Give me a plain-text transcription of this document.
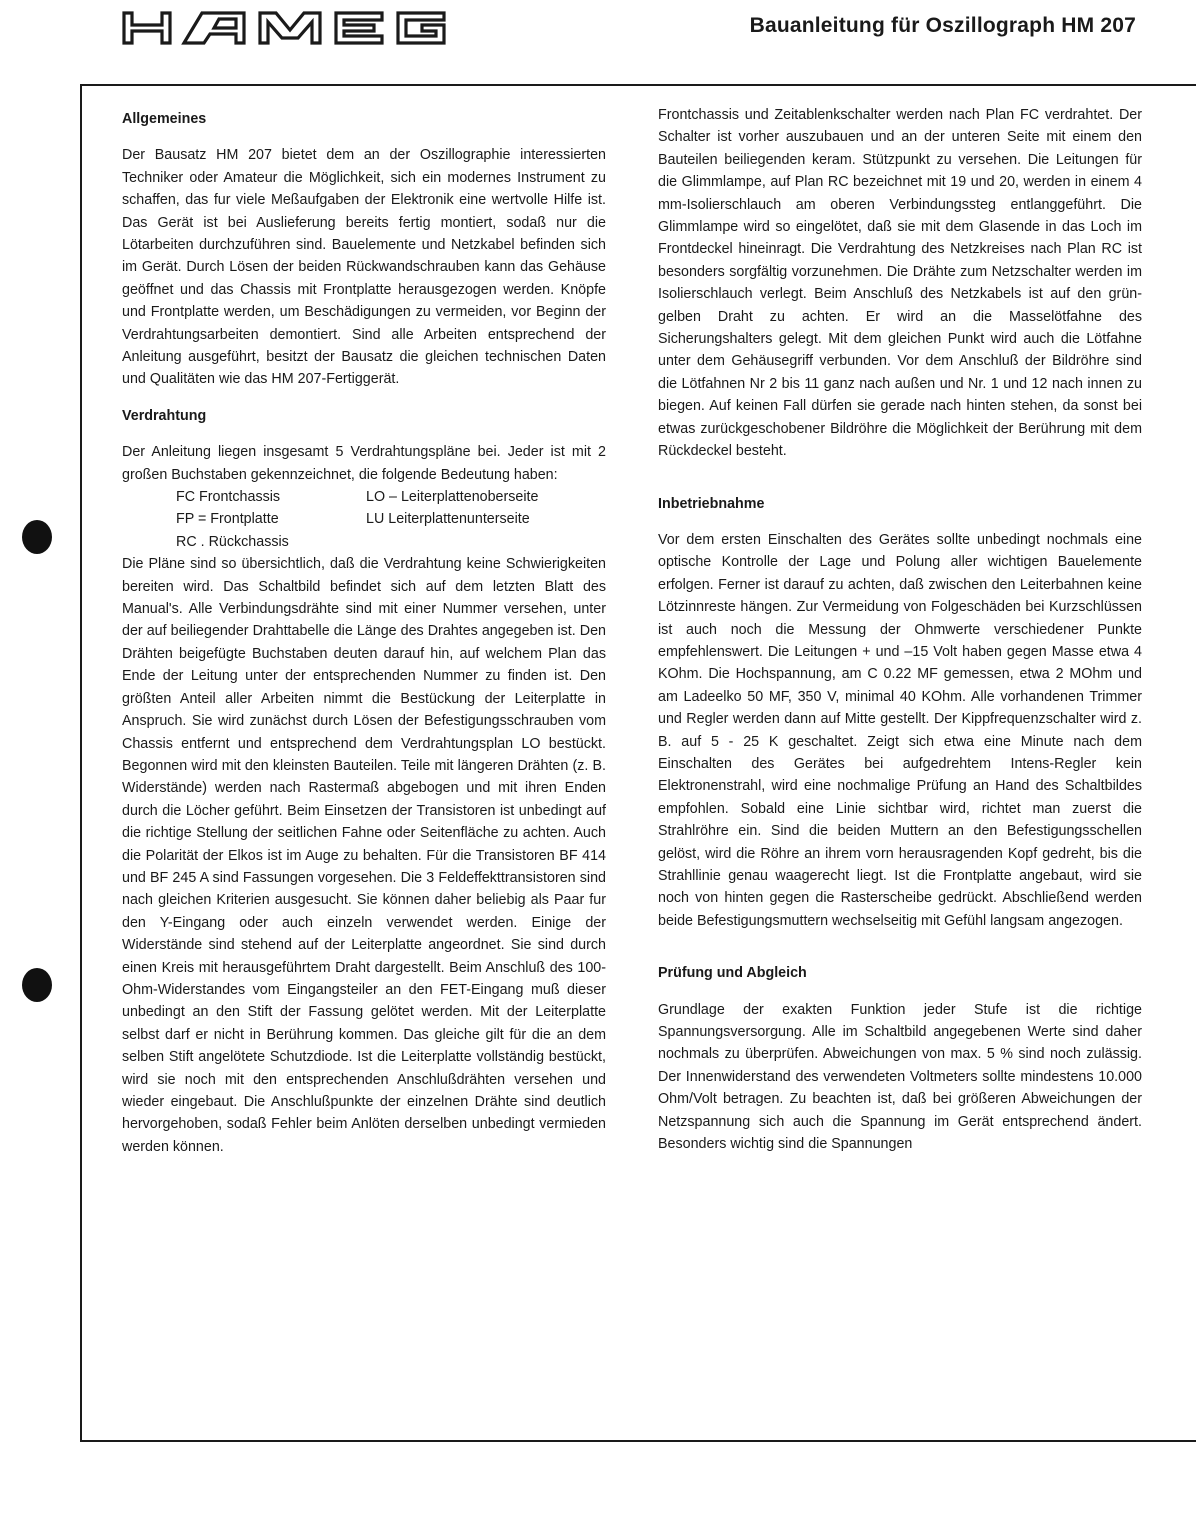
Bauanleitung für Oszillograph HM 207
Allgemeines

Der Bausatz HM 207 bietet dem an der Oszillographie interessierten Techniker oder Amateur die Möglichkeit, sich ein modernes Instrument zu schaffen, das fur viele Meßaufgaben der Elektronik eine wertvolle Hilfe ist. Das Gerät ist bei Auslieferung bereits fertig montiert, sodaß nur die Lötarbeiten durchzuführen sind. Bauelemente und Netzkabel befinden sich im Gerät. Durch Lösen der beiden Rückwandschrauben kann das Gehäuse geöffnet und das Chassis mit Frontplatte herausgezogen werden. Knöpfe und Frontplatte werden, um Beschädigungen zu vermeiden, vor Beginn der Verdrahtungsarbeiten demontiert. Sind alle Arbeiten entsprechend der Anleitung ausgeführt, besitzt der Bausatz die gleichen technischen Daten und Qualitäten wie das HM 207-Fertiggerät.

Verdrahtung

Der Anleitung liegen insgesamt 5 Verdrahtungspläne bei. Jeder ist mit 2 großen Buchstaben gekennzeichnet, die folgende Bedeutung haben:

FC Frontchassis	LO – Leiterplattenoberseite
FP = Frontplatte	LU Leiterplattenunterseite
RC . Rückchassis

Die Pläne sind so übersichtlich, daß die Verdrahtung keine Schwierigkeiten bereiten wird. Das Schaltbild befindet sich auf dem letzten Blatt des Manual's. Alle Verbindungsdrähte sind mit einer Nummer versehen, unter der auf beiliegender Drahttabelle die Länge des Drahtes angegeben ist. Den Drähten beigefügte Buchstaben deuten darauf hin, auf welchem Plan das Ende der Leitung unter der entsprechenden Nummer zu finden ist. Den größten Anteil aller Arbeiten nimmt die Bestückung der Leiterplatte in Anspruch. Sie wird zunächst durch Lösen der Befestigungsschrauben vom Chassis entfernt und entsprechend dem Verdrahtungsplan LO bestückt. Begonnen wird mit den kleinsten Bauteilen. Teile mit längeren Drähten (z. B. Widerstände) werden nach Rastermaß abgebogen und mit ihren Enden durch die Löcher geführt. Beim Einsetzen der Transistoren ist unbedingt auf die richtige Stellung der seitlichen Fahne oder Seitenfläche zu achten. Auch die Polarität der Elkos ist im Auge zu behalten. Für die Transistoren BF 414 und BF 245 A sind Fassungen vorgesehen. Die 3 Feldeffekttransistoren sind nach gleichen Kriterien ausgesucht. Sie können daher beliebig als Paar fur den Y-Eingang oder auch einzeln verwendet werden. Einige der Widerstände sind stehend auf der Leiterplatte angeordnet. Sie sind durch einen Kreis mit herausgeführtem Draht dargestellt. Beim Anschluß des 100-Ohm-Widerstandes vom Eingangsteiler an den FET-Eingang muß dieser unbedingt an den Stift der Fassung gelötet werden. Mit der Leiterplatte selbst darf er nicht in Berührung kommen. Das gleiche gilt für die an dem selben Stift angelötete Schutzdiode. Ist die Leiterplatte vollständig bestückt, wird sie noch mit den entsprechenden Anschlußdrähten versehen und wieder eingebaut. Die Anschlußpunkte der einzelnen Drähte sind deutlich hervorgehoben, sodaß Fehler beim Anlöten derselben unbedingt vermieden werden können.

Frontchassis und Zeitablenkschalter werden nach Plan FC verdrahtet. Der Schalter ist vorher auszubauen und an der unteren Seite mit einem den Bauteilen beiliegenden keram. Stützpunkt zu versehen. Die Leitungen für die Glimmlampe, auf Plan RC bezeichnet mit 19 und 20, werden in einem 4 mm-Isolierschlauch am oberen Verbindungssteg entlanggeführt. Die Glimmlampe wird so eingelötet, daß sie mit dem Glasende in das Loch im Frontdeckel hineinragt. Die Verdrahtung des Netzkreises nach Plan RC ist besonders sorgfältig vorzunehmen. Die Drähte zum Netzschalter werden im Isolierschlauch verlegt. Beim Anschluß des Netzkabels ist auf den grün-gelben Draht zu achten. Er wird an die Masselötfahne des Sicherungshalters gelegt. Mit dem gleichen Punkt wird auch die Lötfahne unter dem Gehäusegriff verbunden. Vor dem Anschluß der Bildröhre sind die Lötfahnen Nr 2 bis 11 ganz nach außen und Nr. 1 und 12 nach innen zu biegen. Auf keinen Fall dürfen sie gerade nach hinten stehen, da sonst bei etwas zurückgeschobener Bildröhre die Möglichkeit der Berührung mit dem Rückdeckel besteht.

Inbetriebnahme

Vor dem ersten Einschalten des Gerätes sollte unbedingt nochmals eine optische Kontrolle der Lage und Polung aller wichtigen Bauelemente erfolgen. Ferner ist darauf zu achten, daß zwischen den Leiterbahnen keine Lötzinnreste hängen. Zur Vermeidung von Folgeschäden bei Kurzschlüssen ist auch noch die Messung der Ohmwerte verschiedener Punkte empfehlenswert. Die Leitungen + und –15 Volt haben gegen Masse etwa 4 KOhm. Die Hochspannung, am C 0.22 MF gemessen, etwa 2 MOhm und am Ladeelko 50 MF, 350 V, minimal 40 KOhm. Alle vorhandenen Trimmer und Regler werden dann auf Mitte gestellt. Der Kippfrequenzschalter wird z. B. auf 5 - 25 K geschaltet. Zeigt sich etwa eine Minute nach dem Einschalten des Gerätes bei aufgedrehtem Intens-Regler kein Elektronenstrahl, wird eine nochmalige Prüfung an Hand des Schaltbildes empfohlen. Sobald eine Linie sichtbar wird, richtet man zuerst die Strahlröhre ein. Sind die beiden Muttern an den Befestigungsschellen gelöst, wird die Röhre an ihrem vorn herausragenden Kopf gedreht, bis die Strahllinie genau waagerecht liegt. Ist die Frontplatte angebaut, wird sie noch von hinten gegen die Rasterscheibe gedrückt. Abschließend werden beide Befestigungsmuttern wechselseitig mit Gefühl langsam angezogen.

Prüfung und Abgleich

Grundlage der exakten Funktion jeder Stufe ist die richtige Spannungsversorgung. Alle im Schaltbild angegebenen Werte sind daher nochmals zu überprüfen. Abweichungen von max. 5 % sind noch zulässig. Der Innenwiderstand des verwendeten Voltmeters sollte mindestens 10.000 Ohm/Volt betragen. Zu beachten ist, daß bei größeren Abweichungen der Netzspannung sich auch die Spannung im Gerät entsprechend ändert. Besonders wichtig sind die Spannungen
